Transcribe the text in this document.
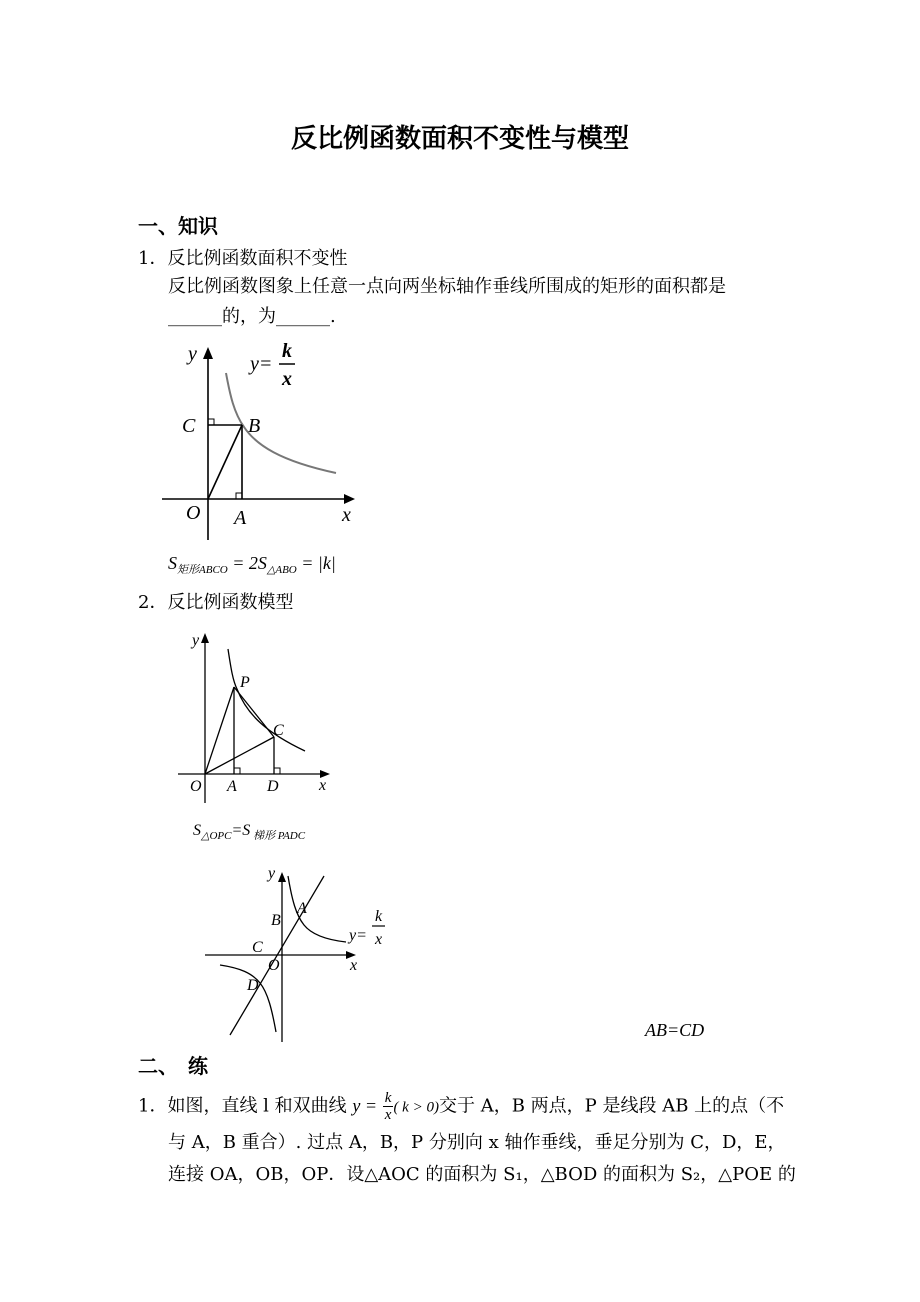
反比例函数面积不变性与模型
一、知识
1．反比例函数面积不变性
反比例函数图象上任意一点向两坐标轴作垂线所围成的矩形的面积都是
______的，为______.
y	y=
k
x
C	B
O A	x
$S_{矩形ABCO} = 2S_{\triangle ABO} = |k|$
2．反比例函数模型
y
P
C
O A D	x
$S_{\triangle OPC}=S$ $_{梯形 PADC}$
y
A
B
C
O
D
x
y=
k
x
AB=CD
二、　练
1．如图，直线 l 和双曲线 $y = \frac{k}{x}$ ( k > 0)交于 A，B 两点，P 是线段 AB 上的点（不
与 A，B 重合）. 过点 A，B，P 分别向 x 轴作垂线，垂足分别为 C，D，E，
连接 OA，OB，OP．设△AOC 的面积为 S₁，△BOD 的面积为 S₂，△POE 的
